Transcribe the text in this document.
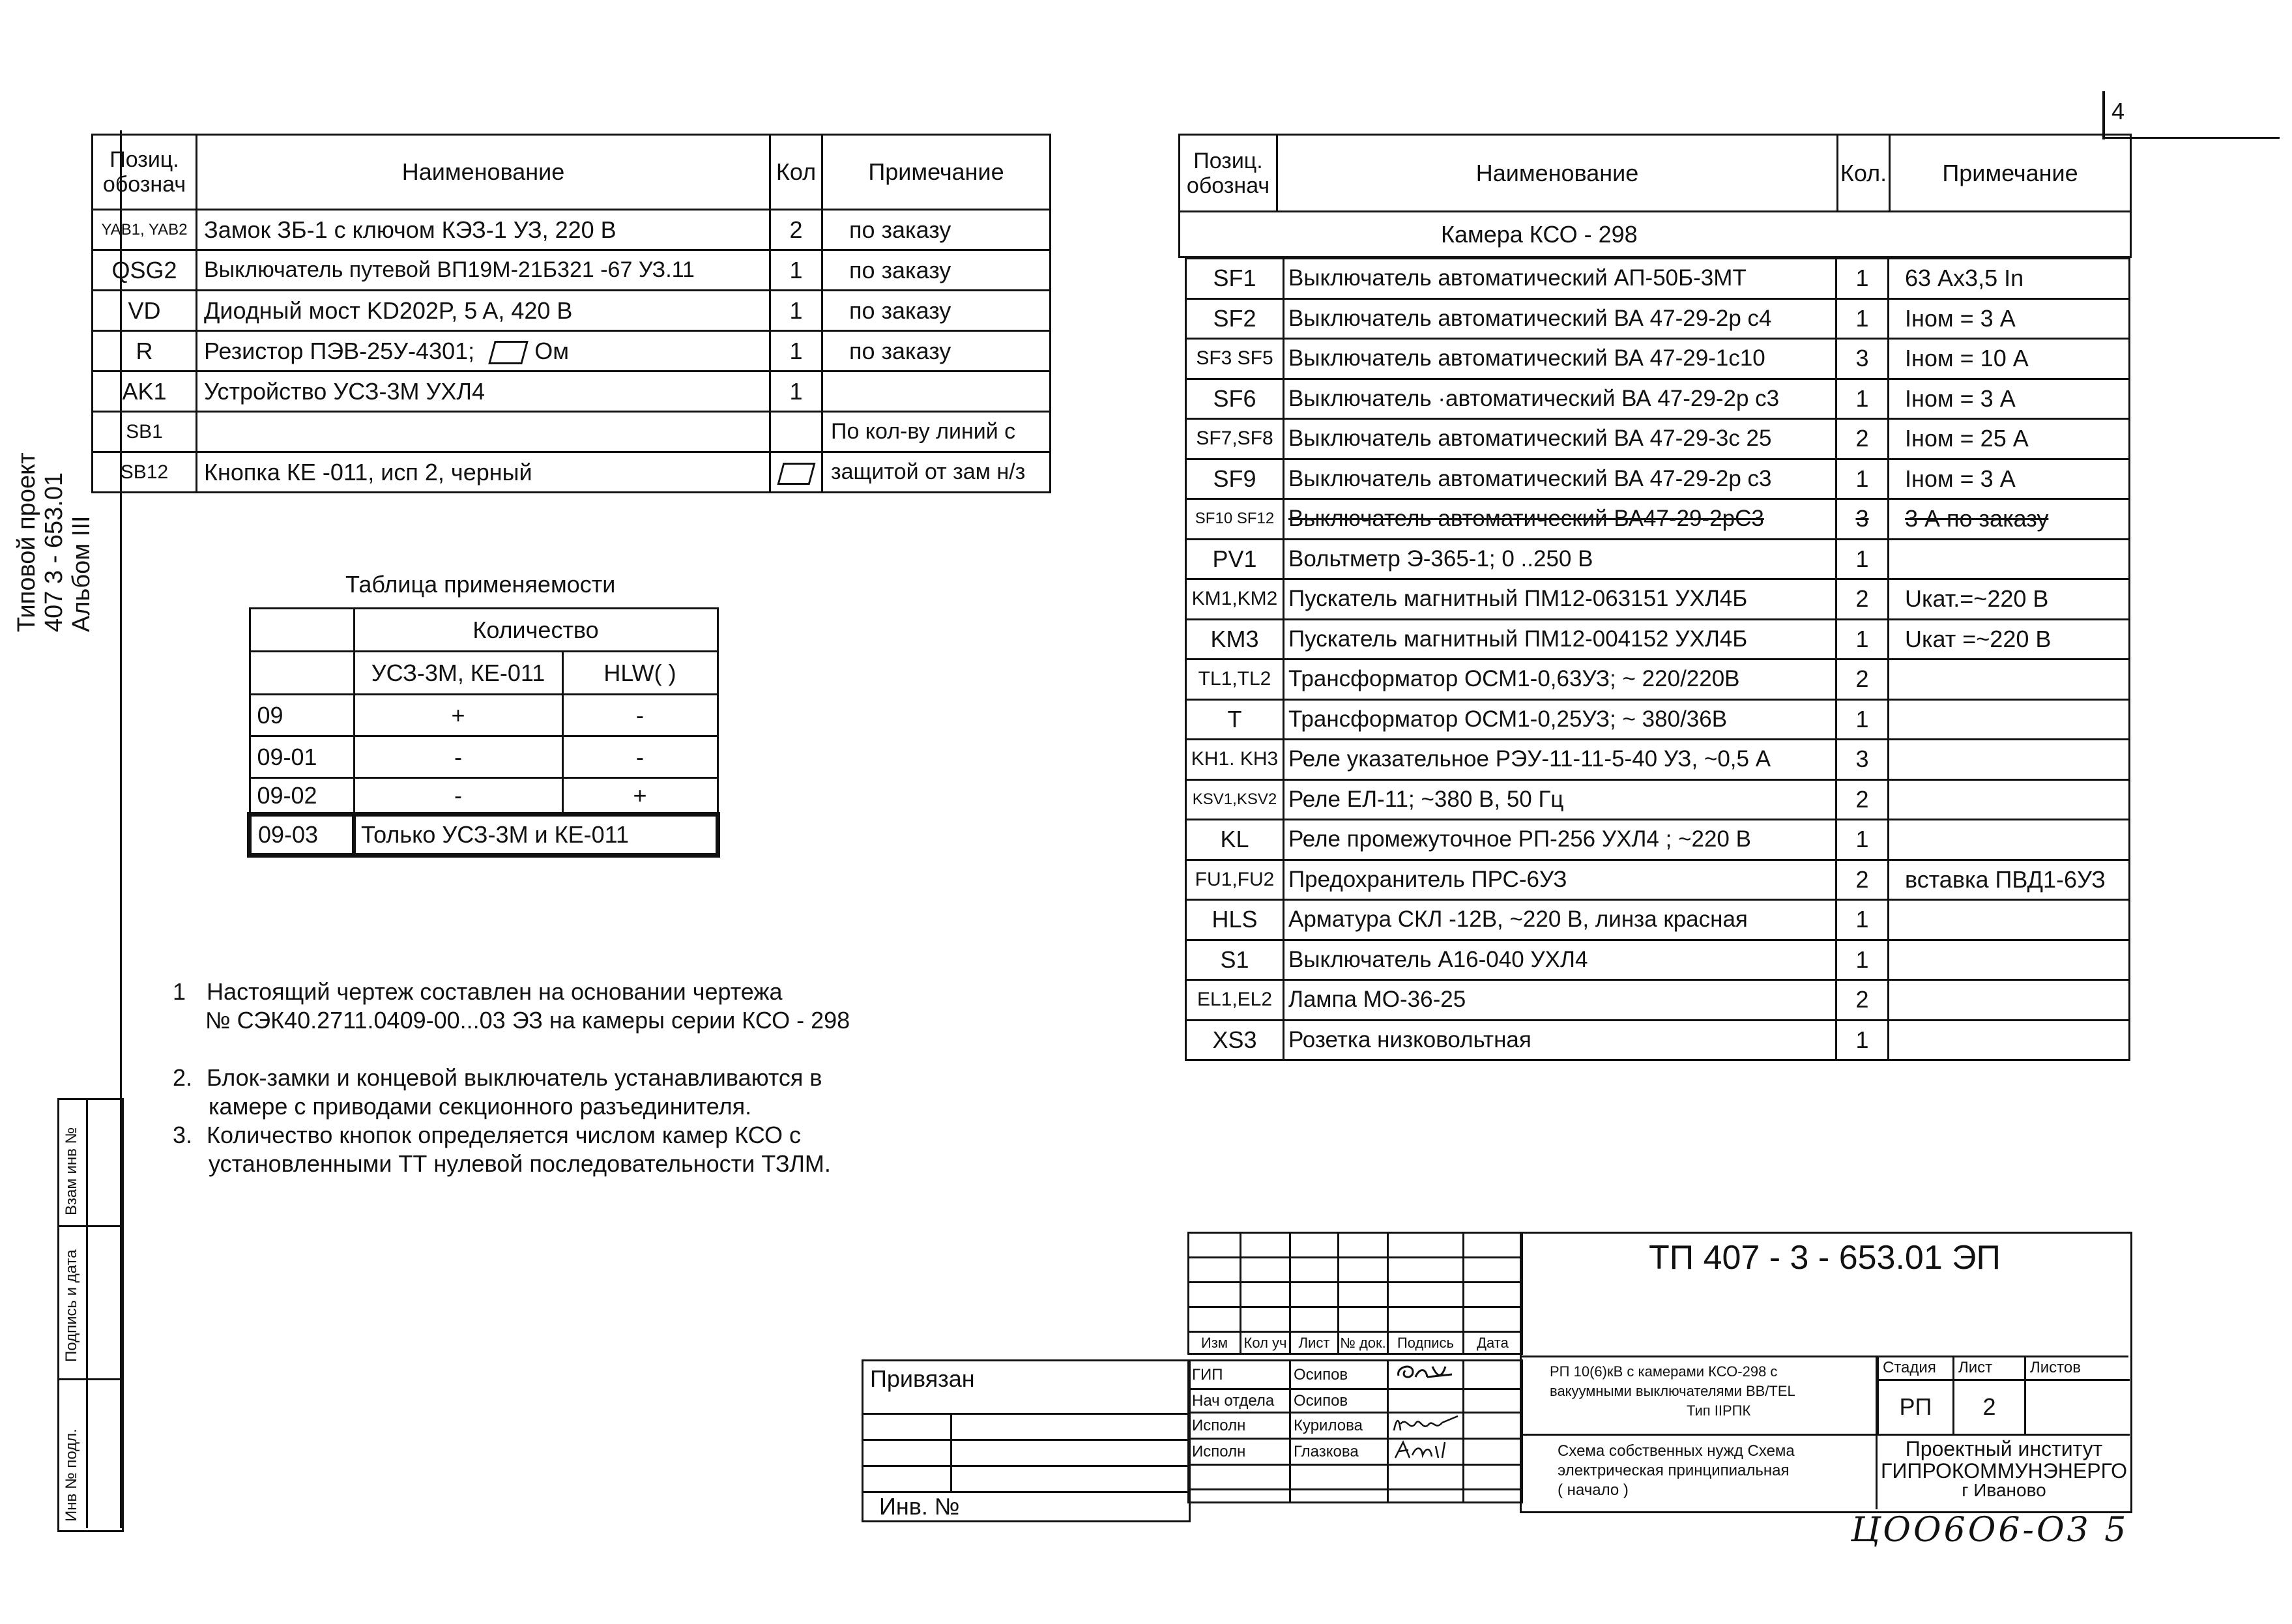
4
Типовой проект 407 3 - 653.01 Альбом III
Взам инв №
Подпись и дата
Инв № подл.
Позиц. обознач	Наименование	Кол	Примечание
YAB1, YAB2	Замок ЗБ-1 с ключом КЭЗ-1 УЗ, 220 В	2	по заказу
QSG2	Выключатель путевой ВП19М-21Б321 -67 УЗ.11	1	по заказу
VD	Диодный мост KD202P, 5 A, 420 В	1	по заказу
R	Резистор ПЭВ-25У-4301; Ом	1	по заказу
AK1	Устройство УСЗ-3М УХЛ4	1	
SB1			По кол-ву линий с
SB12	Кнопка КЕ -011, исп 2, черный		защитой от зам н/з
Таблица применяемости
	Количество	
	УСЗ-3М, КЕ-011	HLW( )
09	+	-
09-01	-	-
09-02	-	+
09-03	Только УСЗ-3М и КЕ-011	
1 Настоящий чертеж составлен на основании чертежа
№ СЭК40.2711.0409-00...03 ЭЗ на камеры серии КСО - 298
2. Блок-замки и концевой выключатель устанавливаются в
камере с приводами секционного разъединителя.
3. Количество кнопок определяется числом камер КСО с
установленными ТТ нулевой последовательности ТЗЛМ.
Позиц. обознач	Наименование	Кол.	Примечание
Камера КСО - 298
SF1	Выключатель автоматический АП-50Б-3МТ	1	63 Ах3,5 In
SF2	Выключатель автоматический ВА 47-29-2р с4	1	Iном = 3 А
SF3 SF5	Выключатель автоматический ВА 47-29-1с10	3	Iном = 10 А
SF6	Выключатель ·автоматический ВА 47-29-2р с3	1	Iном = 3 А
SF7,SF8	Выключатель автоматический ВА 47-29-3с 25	2	Iном = 25 А
SF9	Выключатель автоматический ВА 47-29-2р с3	1	Iном = 3 А
SF10 SF12	Выключатель автоматический ВА47-29-2рС3	3	3 А по заказу
PV1	Вольтметр Э-365-1; 0 ..250 В	1	
KM1,KM2	Пускатель магнитный ПМ12-063151 УХЛ4Б	2	Uкат.=~220 В
KM3	Пускатель магнитный ПМ12-004152 УХЛ4Б	1	Uкат =~220 В
TL1,TL2	Трансформатор ОСМ1-0,63УЗ; ~ 220/220В	2	
T	Трансформатор ОСМ1-0,25УЗ; ~ 380/36В	1	
KH1. KH3	Реле указательное РЭУ-11-11-5-40 УЗ, ~0,5 А	3	
KSV1,KSV2	Реле ЕЛ-11; ~380 В, 50 Гц	2	
KL	Реле промежуточное РП-256 УХЛ4 ; ~220 В	1	
FU1,FU2	Предохранитель ПРС-6УЗ	2	вставка ПВД1-6УЗ
HLS	Арматура СКЛ -12В, ~220 В, линза красная	1	
S1	Выключатель А16-040 УХЛ4	1	
EL1,EL2	Лампа МО-36-25	2	
XS3	Розетка низковольтная	1	

Изм	Кол уч	Лист	№ док.	Подпись	Дата
ГИП	Осипов		
Нач отдела	Осипов		
Исполн	Курилова		
Исполн	Глазкова		

Привязан	

Инв. №	
ТП 407 - 3 - 653.01 ЭП
РП 10(6)кВ с камерами КСО-298 с
вакуумными выключателями ВВ/TEL
Тип IIРПК
Стадия	Лист	Листов
РП	2	
Схема собственных нужд Схема
электрическая принципиальная
( начало )
Проектный институт
ГИПРОКОММУНЭНЕРГО
г Иваново
ЦОО6О6-О3 5
